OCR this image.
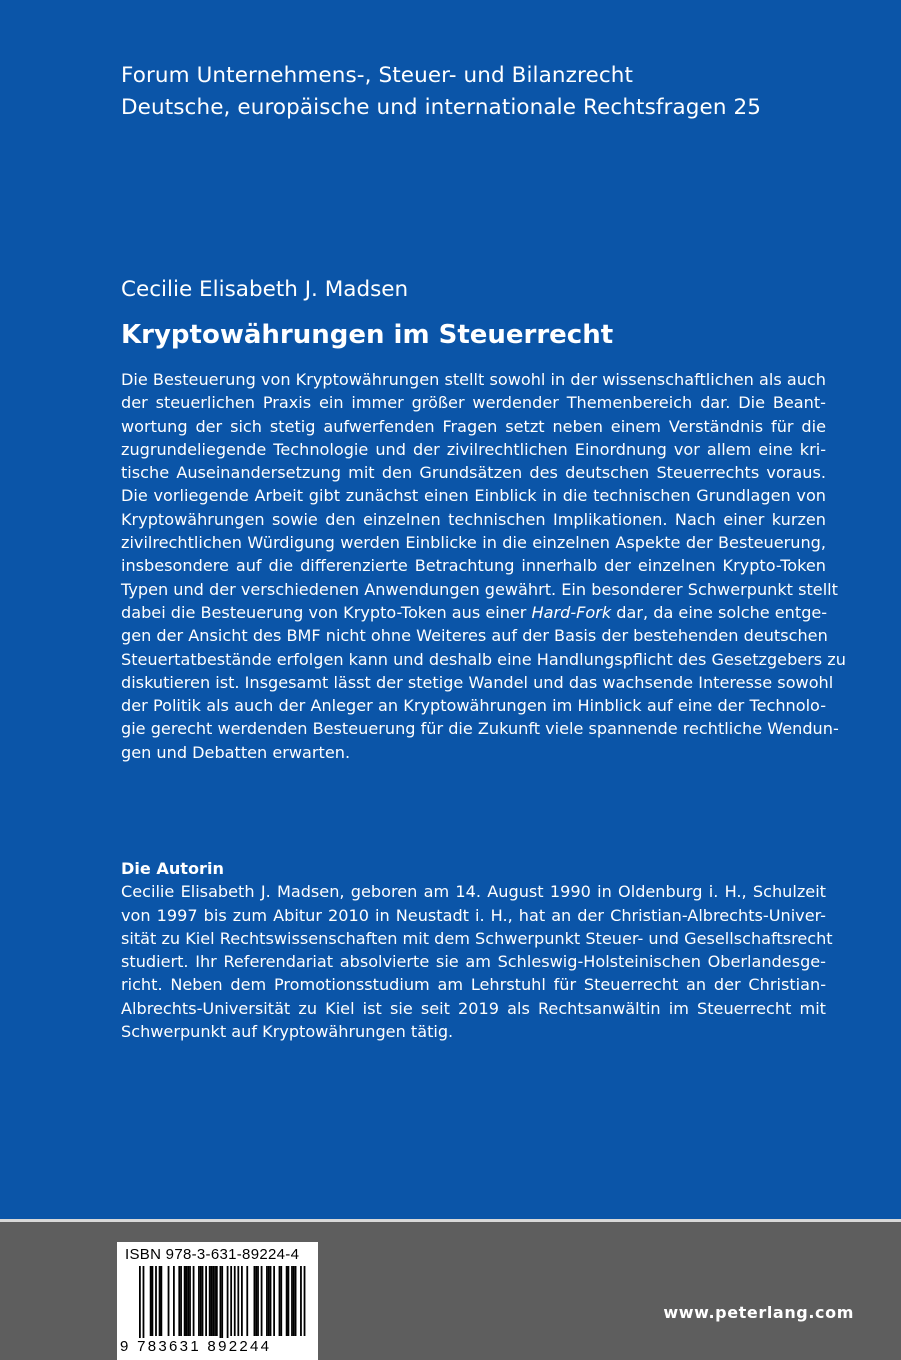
Forum Unternehmens-, Steuer- und Bilanzrecht
Deutsche, europäische und internationale Rechtsfragen 25
Cecilie Elisabeth J. Madsen
Kryptowährungen im Steuerrecht
Die Besteuerung von Kryptowährungen stellt sowohl in der wissenschaftlichen als auch
der steuerlichen Praxis ein immer größer werdender Themenbereich dar. Die Beant-
wortung der sich stetig aufwerfenden Fragen setzt neben einem Verständnis für die
zugrundeliegende Technologie und der zivilrechtlichen Einordnung vor allem eine kri-
tische Auseinandersetzung mit den Grundsätzen des deutschen Steuerrechts voraus.
Die vorliegende Arbeit gibt zunächst einen Einblick in die technischen Grundlagen von
Kryptowährungen sowie den einzelnen technischen Implikationen. Nach einer kurzen
zivilrechtlichen Würdigung werden Einblicke in die einzelnen Aspekte der Besteuerung,
insbesondere auf die differenzierte Betrachtung innerhalb der einzelnen Krypto-Token
Typen und der verschiedenen Anwendungen gewährt. Ein besonderer Schwerpunkt stellt
dabei die Besteuerung von Krypto-Token aus einer Hard-Fork dar, da eine solche entge-
gen der Ansicht des BMF nicht ohne Weiteres auf der Basis der bestehenden deutschen
Steuertatbestände erfolgen kann und deshalb eine Handlungspflicht des Gesetzgebers zu
diskutieren ist. Insgesamt lässt der stetige Wandel und das wachsende Interesse sowohl
der Politik als auch der Anleger an Kryptowährungen im Hinblick auf eine der Technolo-
gie gerecht werdenden Besteuerung für die Zukunft viele spannende rechtliche Wendun-
gen und Debatten erwarten.
Die Autorin
Cecilie Elisabeth J. Madsen, geboren am 14. August 1990 in Oldenburg i. H., Schulzeit
von 1997 bis zum Abitur 2010 in Neustadt i. H., hat an der Christian-Albrechts-Univer-
sität zu Kiel Rechtswissenschaften mit dem Schwerpunkt Steuer- und Gesellschaftsrecht
studiert. Ihr Referendariat absolvierte sie am Schleswig-Holsteinischen Oberlandesge-
richt. Neben dem Promotionsstudium am Lehrstuhl für Steuerrecht an der Christian-
Albrechts-Universität zu Kiel ist sie seit 2019 als Rechtsanwältin im Steuerrecht mit
Schwerpunkt auf Kryptowährungen tätig.
ISBN 978-3-631-89224-4
9 783631 892244
www.peterlang.com
